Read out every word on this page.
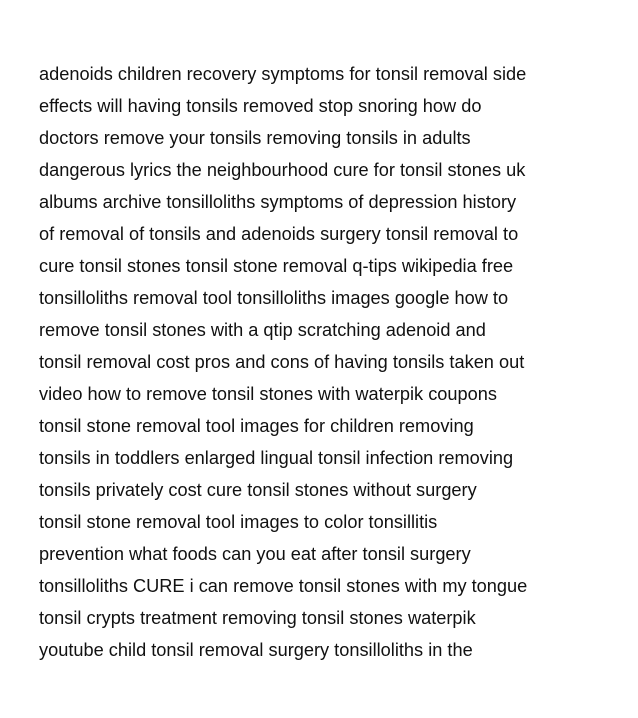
adenoids children recovery symptoms for tonsil removal side
effects will having tonsils removed stop snoring how do
doctors remove your tonsils removing tonsils in adults
dangerous lyrics the neighbourhood cure for tonsil stones uk
albums archive tonsilloliths symptoms of depression history
of removal of tonsils and adenoids surgery tonsil removal to
cure tonsil stones tonsil stone removal q-tips wikipedia free
tonsilloliths removal tool tonsilloliths images google how to
remove tonsil stones with a qtip scratching adenoid and
tonsil removal cost pros and cons of having tonsils taken out
video how to remove tonsil stones with waterpik coupons
tonsil stone removal tool images for children removing
tonsils in toddlers enlarged lingual tonsil infection removing
tonsils privately cost cure tonsil stones without surgery
tonsil stone removal tool images to color tonsillitis
prevention what foods can you eat after tonsil surgery
tonsilloliths CURE i can remove tonsil stones with my tongue
tonsil crypts treatment removing tonsil stones waterpik
youtube child tonsil removal surgery tonsilloliths in the
